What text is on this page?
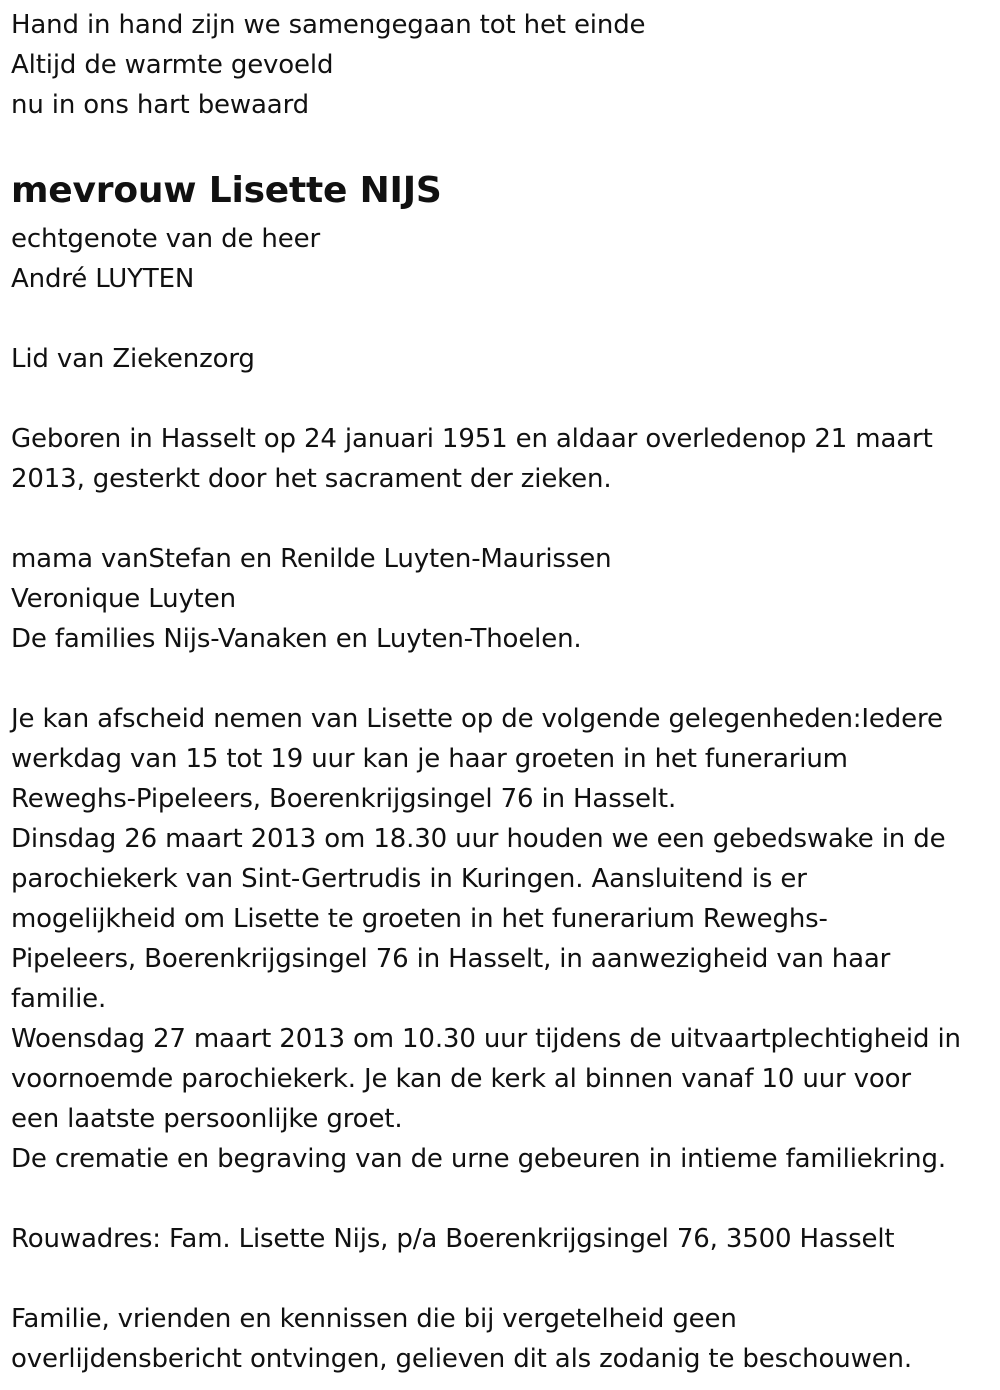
Hand in hand zijn we samengegaan tot het einde
Altijd de warmte gevoeld
nu in ons hart bewaard
mevrouw Lisette NIJS
echtgenote van de heer
André LUYTEN
Lid van Ziekenzorg
Geboren in Hasselt op 24 januari 1951 en aldaar overledenop 21 maart
2013, gesterkt door het sacrament der zieken.
mama vanStefan en Renilde Luyten-Maurissen
Veronique Luyten
De families Nijs-Vanaken en Luyten-Thoelen.
Je kan afscheid nemen van Lisette op de volgende gelegenheden:Iedere
werkdag van 15 tot 19 uur kan je haar groeten in het funerarium
Reweghs-Pipeleers, Boerenkrijgsingel 76 in Hasselt.
Dinsdag 26 maart 2013 om 18.30 uur houden we een gebedswake in de
parochiekerk van Sint-Gertrudis in Kuringen. Aansluitend is er
mogelijkheid om Lisette te groeten in het funerarium Reweghs-
Pipeleers, Boerenkrijgsingel 76 in Hasselt, in aanwezigheid van haar
familie.
Woensdag 27 maart 2013 om 10.30 uur tijdens de uitvaartplechtigheid in
voornoemde parochiekerk. Je kan de kerk al binnen vanaf 10 uur voor
een laatste persoonlijke groet.
De crematie en begraving van de urne gebeuren in intieme familiekring.
Rouwadres: Fam. Lisette Nijs, p/a Boerenkrijgsingel 76, 3500 Hasselt
Familie, vrienden en kennissen die bij vergetelheid geen
overlijdensbericht ontvingen, gelieven dit als zodanig te beschouwen.
